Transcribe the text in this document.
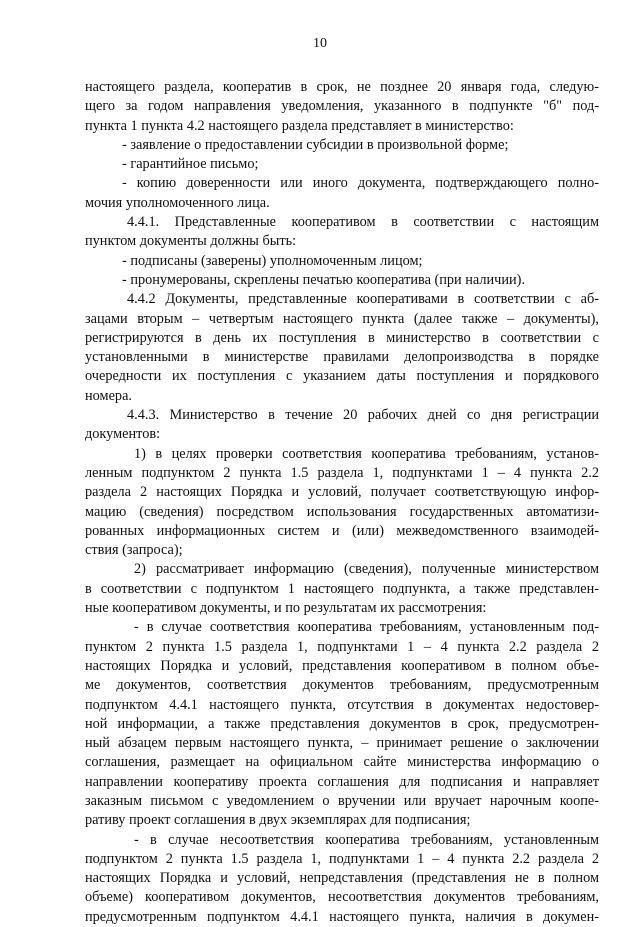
10
настоящего раздела, кооператив в срок, не позднее 20 января года, следую-
щего за годом направления уведомления, указанного в подпункте "б" под-
пункта 1 пункта 4.2 настоящего раздела представляет в министерство:
- заявление о предоставлении субсидии в произвольной форме;
- гарантийное письмо;
- копию доверенности или иного документа, подтверждающего полно-
мочия уполномоченного лица.
4.4.1. Представленные кооперативом в соответствии с настоящим
пунктом документы должны быть:
- подписаны (заверены) уполномоченным лицом;
- пронумерованы, скреплены печатью кооператива (при наличии).
4.4.2 Документы, представленные кооперативами в соответствии с аб-
зацами вторым – четвертым настоящего пункта (далее также – документы),
регистрируются в день их поступления в министерство в соответствии с
установленными в министерстве правилами делопроизводства в порядке
очередности их поступления с указанием даты поступления и порядкового
номера.
4.4.3. Министерство в течение 20 рабочих дней со дня регистрации
документов:
1) в целях проверки соответствия кооператива требованиям, установ-
ленным подпунктом 2 пункта 1.5 раздела 1, подпунктами 1 – 4 пункта 2.2
раздела 2 настоящих Порядка и условий, получает соответствующую инфор-
мацию (сведения) посредством использования государственных автоматизи-
рованных информационных систем и (или) межведомственного взаимодей-
ствия (запроса);
2) рассматривает информацию (сведения), полученные министерством
в соответствии с подпунктом 1 настоящего подпункта, а также представлен-
ные кооперативом документы, и по результатам их рассмотрения:
- в случае соответствия кооператива требованиям, установленным под-
пунктом 2 пункта 1.5 раздела 1, подпунктами 1 – 4 пункта 2.2 раздела 2
настоящих Порядка и условий, представления кооперативом в полном объе-
ме документов, соответствия документов требованиям, предусмотренным
подпунктом 4.4.1 настоящего пункта, отсутствия в документах недостовер-
ной информации, а также представления документов в срок, предусмотрен-
ный абзацем первым настоящего пункта, – принимает решение о заключении
соглашения, размещает на официальном сайте министерства информацию о
направлении кооперативу проекта соглашения для подписания и направляет
заказным письмом с уведомлением о вручении или вручает нарочным коопе-
ративу проект соглашения в двух экземплярах для подписания;
- в случае несоответствия кооператива требованиям, установленным
подпунктом 2 пункта 1.5 раздела 1, подпунктами 1 – 4 пункта 2.2 раздела 2
настоящих Порядка и условий, непредставления (представления не в полном
объеме) кооперативом документов, несоответствия документов требованиям,
предусмотренным подпунктом 4.4.1 настоящего пункта, наличия в докумен-
